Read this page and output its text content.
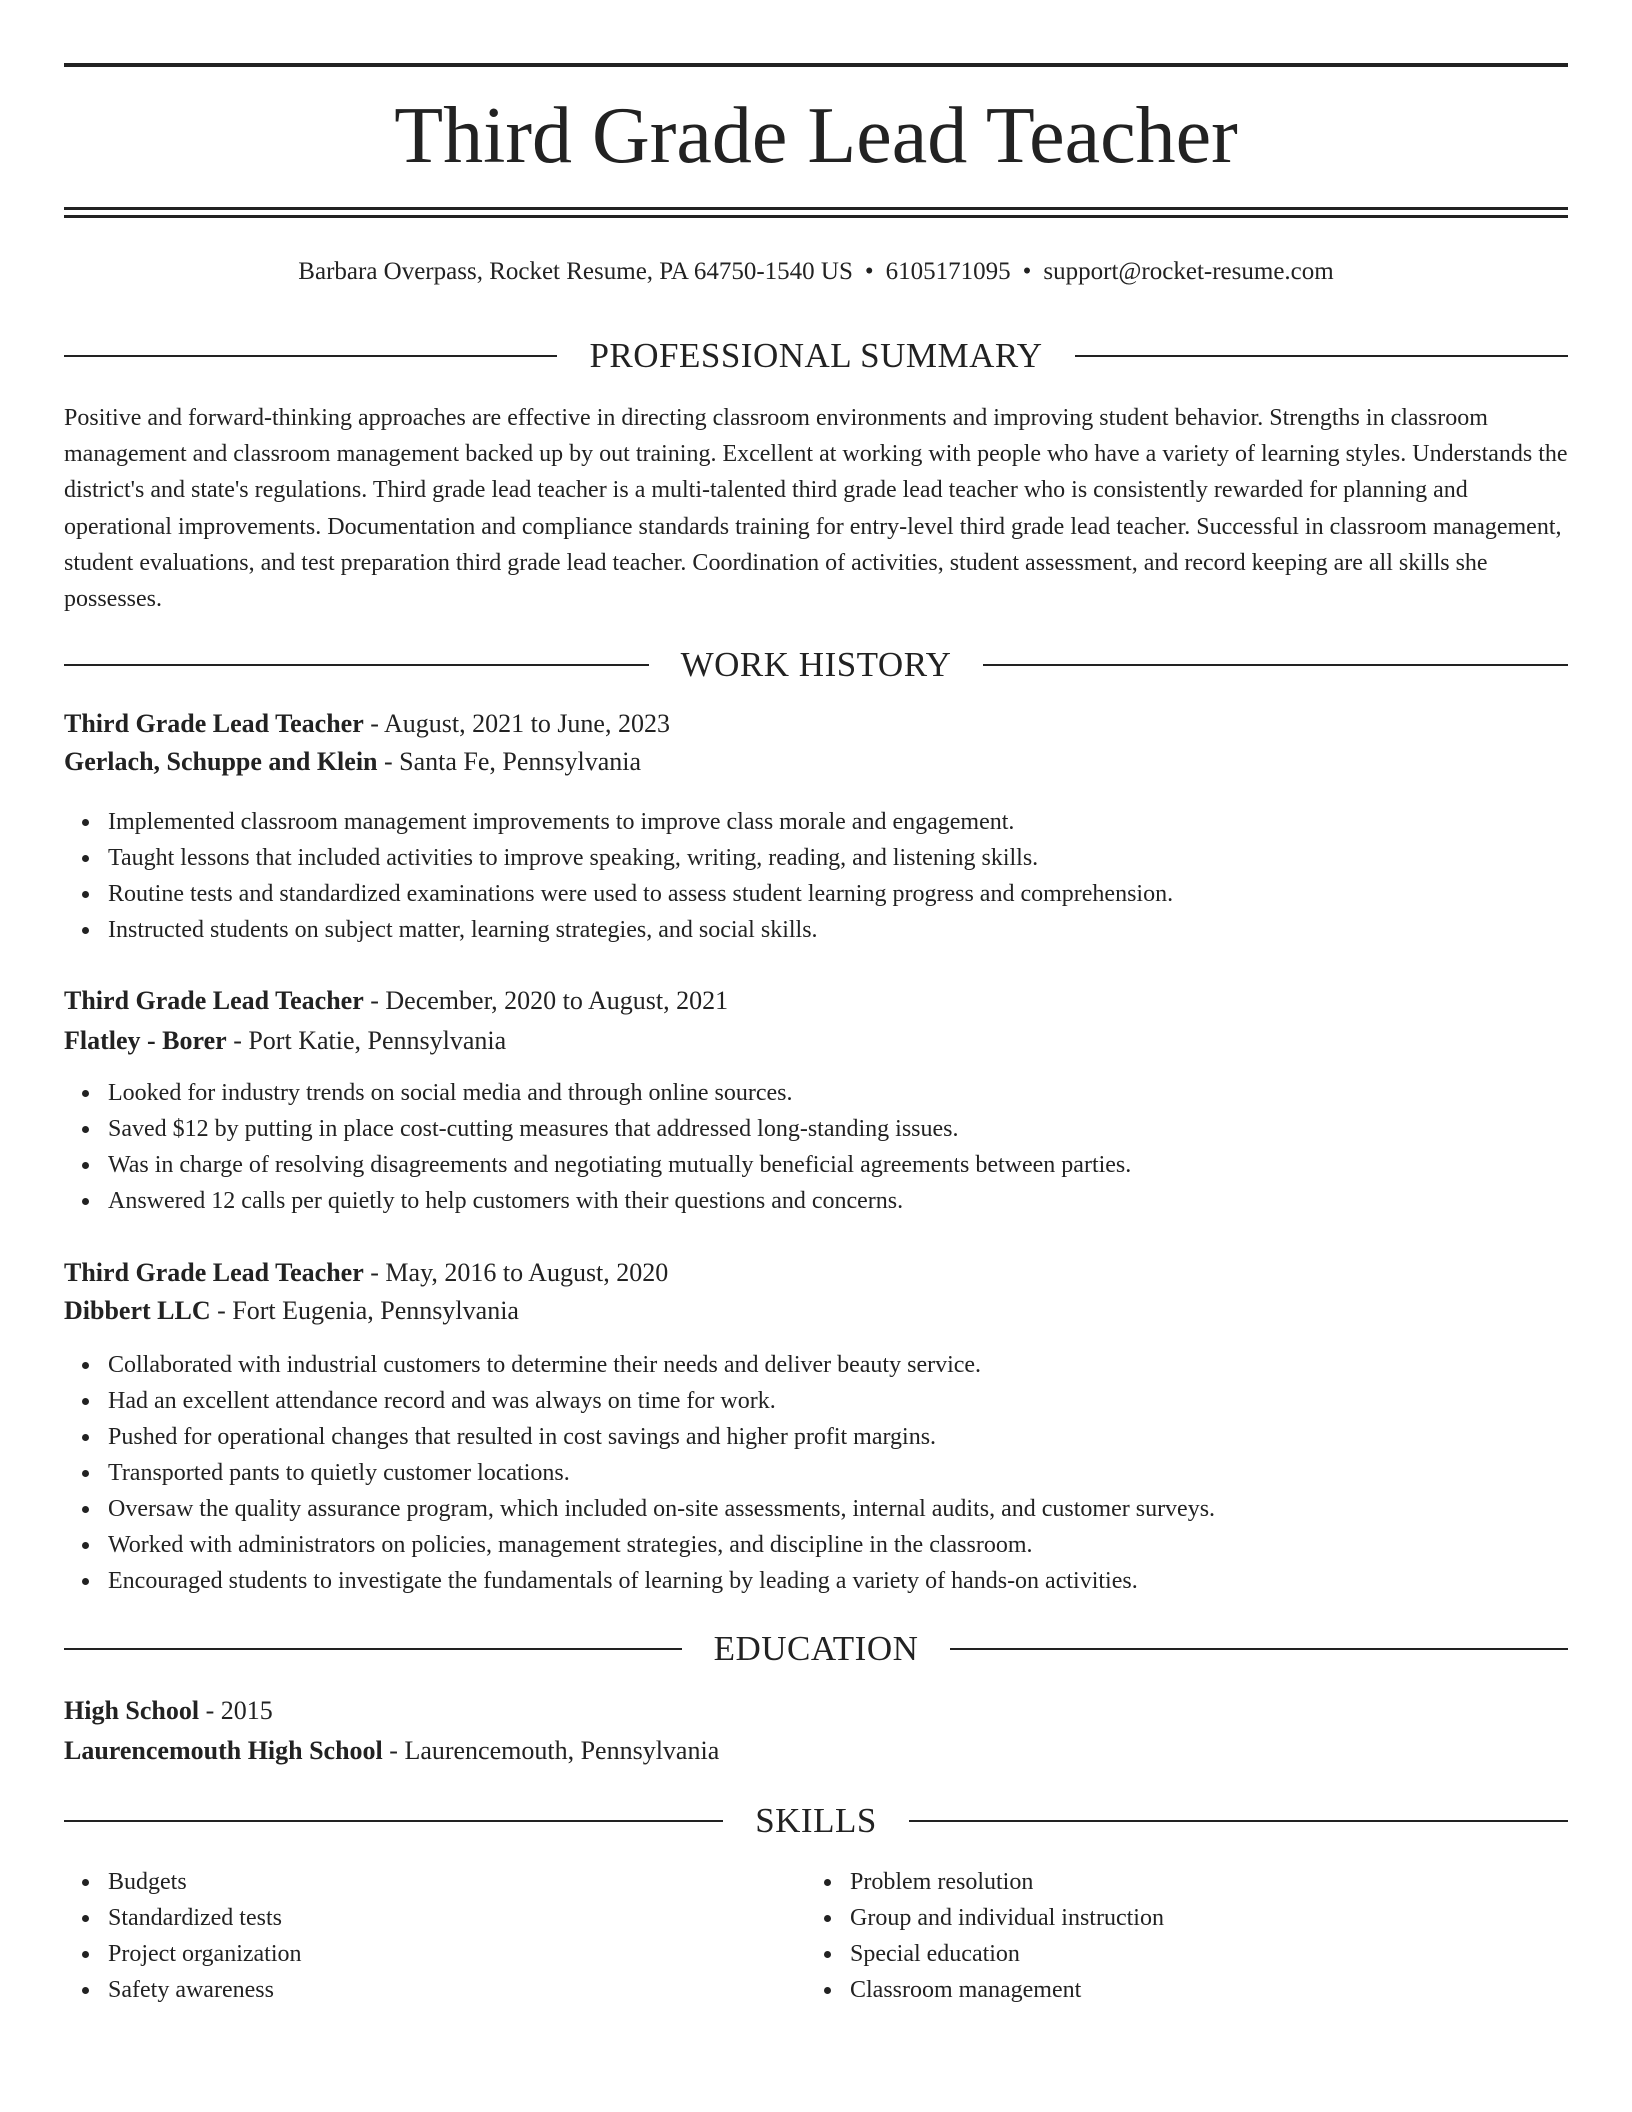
Third Grade Lead Teacher
Barbara Overpass, Rocket Resume, PA 64750-1540 US • 6105171095 • support@rocket-resume.com
PROFESSIONAL SUMMARY

Positive and forward-thinking approaches are effective in directing classroom environments and improving student behavior. Strengths in classroom management and classroom management backed up by out training. Excellent at working with people who have a variety of learning styles. Understands the district's and state's regulations. Third grade lead teacher is a multi-talented third grade lead teacher who is consistently rewarded for planning and operational improvements. Documentation and compliance standards training for entry-level third grade lead teacher. Successful in classroom management, student evaluations, and test preparation third grade lead teacher. Coordination of activities, student assessment, and record keeping are all skills she possesses.

WORK HISTORY
Third Grade Lead Teacher - August, 2021 to June, 2023
Gerlach, Schuppe and Klein - Santa Fe, Pennsylvania
Implemented classroom management improvements to improve class morale and engagement.
Taught lessons that included activities to improve speaking, writing, reading, and listening skills.
Routine tests and standardized examinations were used to assess student learning progress and comprehension.
Instructed students on subject matter, learning strategies, and social skills.
Third Grade Lead Teacher - December, 2020 to August, 2021
Flatley - Borer - Port Katie, Pennsylvania
Looked for industry trends on social media and through online sources.
Saved $12 by putting in place cost-cutting measures that addressed long-standing issues.
Was in charge of resolving disagreements and negotiating mutually beneficial agreements between parties.
Answered 12 calls per quietly to help customers with their questions and concerns.
Third Grade Lead Teacher - May, 2016 to August, 2020
Dibbert LLC - Fort Eugenia, Pennsylvania
Collaborated with industrial customers to determine their needs and deliver beauty service.
Had an excellent attendance record and was always on time for work.
Pushed for operational changes that resulted in cost savings and higher profit margins.
Transported pants to quietly customer locations.
Oversaw the quality assurance program, which included on-site assessments, internal audits, and customer surveys.
Worked with administrators on policies, management strategies, and discipline in the classroom.
Encouraged students to investigate the fundamentals of learning by leading a variety of hands-on activities.
EDUCATION
High School - 2015
Laurencemouth High School - Laurencemouth, Pennsylvania
SKILLS
Budgets
Standardized tests
Project organization
Safety awareness
Problem resolution
Group and individual instruction
Special education
Classroom management
